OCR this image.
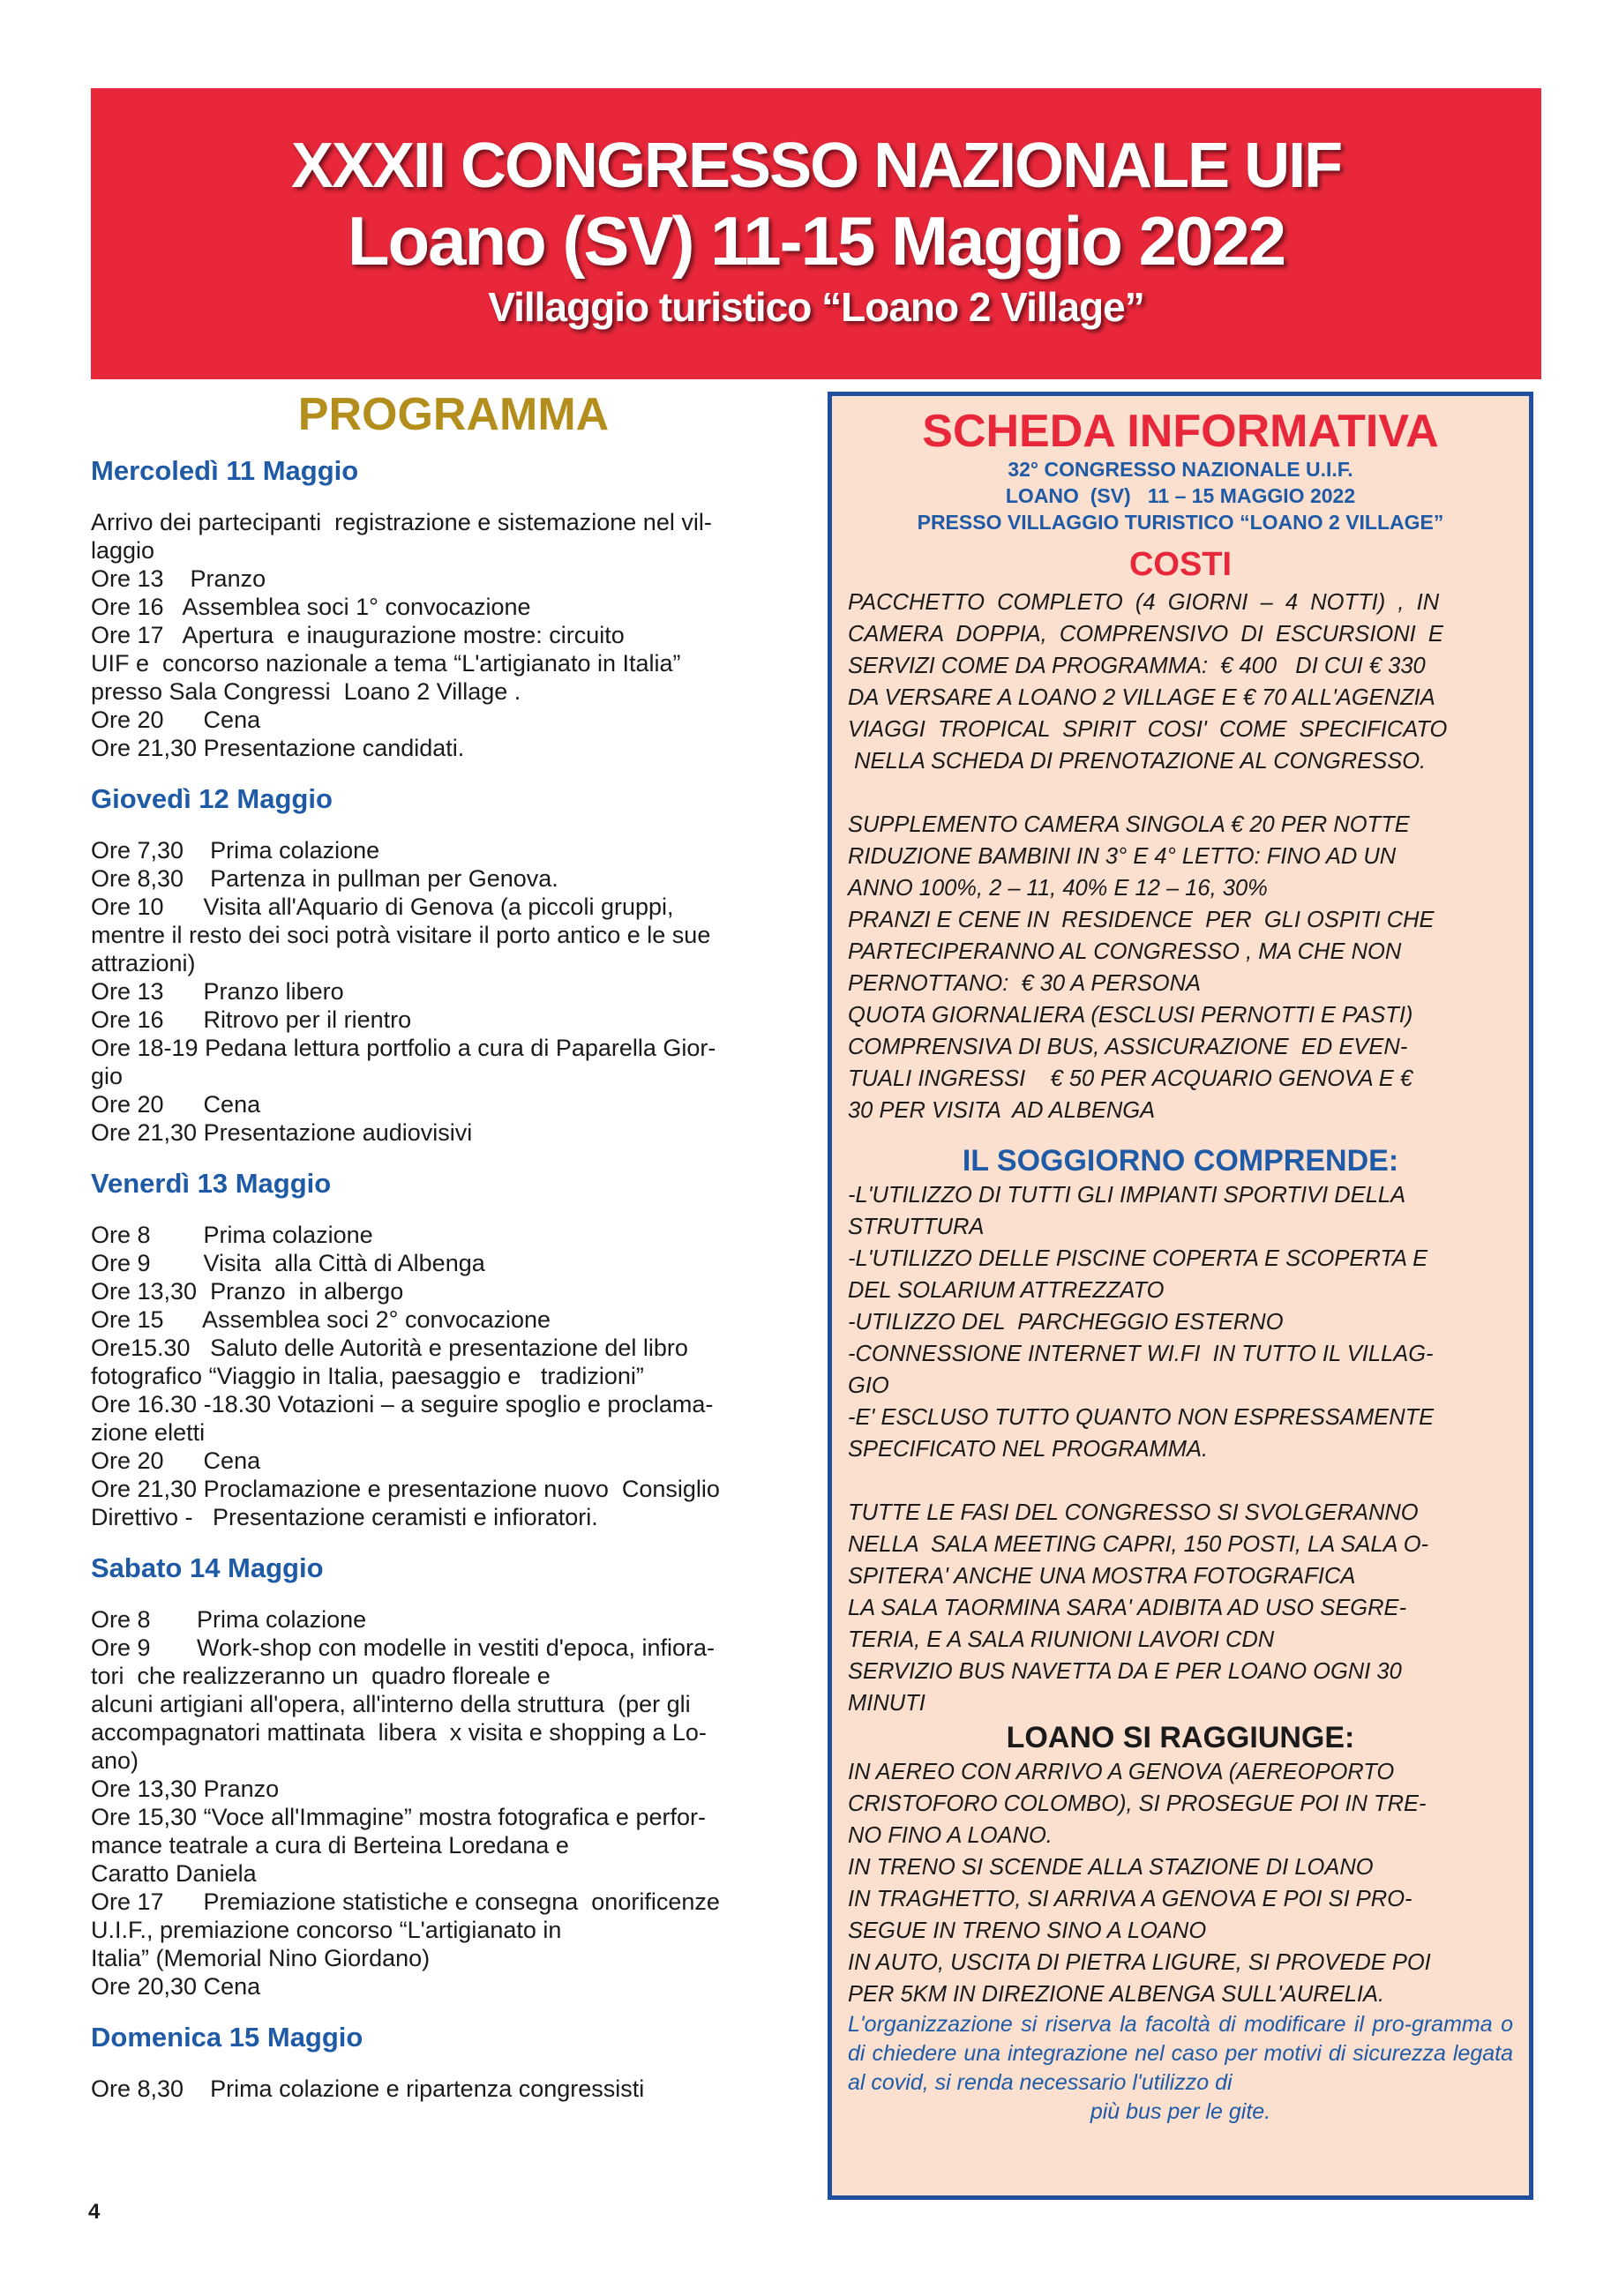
XXXII CONGRESSO NAZIONALE UIF
Loano (SV) 11-15 Maggio 2022
Villaggio turistico “Loano 2 Village”
PROGRAMMA
Mercoledì 11 Maggio
Arrivo dei partecipanti  registrazione e sistemazione nel vil-
laggio
Ore 13    Pranzo
Ore 16   Assemblea soci 1° convocazione
Ore 17   Apertura  e inaugurazione mostre: circuito
UIF e  concorso nazionale a tema “L'artigianato in Italia”
presso Sala Congressi  Loano 2 Village .
Ore 20      Cena
Ore 21,30 Presentazione candidati.
Giovedì 12 Maggio
Ore 7,30    Prima colazione
Ore 8,30    Partenza in pullman per Genova.
Ore 10      Visita all'Aquario di Genova (a piccoli gruppi,
mentre il resto dei soci potrà visitare il porto antico e le sue
attrazioni)
Ore 13      Pranzo libero
Ore 16      Ritrovo per il rientro
Ore 18-19 Pedana lettura portfolio a cura di Paparella Gior-
gio
Ore 20      Cena
Ore 21,30 Presentazione audiovisivi
Venerdì 13 Maggio
Ore 8        Prima colazione
Ore 9        Visita  alla Città di Albenga
Ore 13,30  Pranzo  in albergo
Ore 15      Assemblea soci 2° convocazione
Ore15.30   Saluto delle Autorità e presentazione del libro
fotografico “Viaggio in Italia, paesaggio e   tradizioni”
Ore 16.30 -18.30 Votazioni – a seguire spoglio e proclama-
zione eletti
Ore 20      Cena
Ore 21,30 Proclamazione e presentazione nuovo  Consiglio
Direttivo -   Presentazione ceramisti e infioratori.
Sabato 14 Maggio
Ore 8       Prima colazione
Ore 9       Work-shop con modelle in vestiti d'epoca, infiora-
tori  che realizzeranno un  quadro floreale e
alcuni artigiani all'opera, all'interno della struttura  (per gli
accompagnatori mattinata  libera  x visita e shopping a Lo-
ano)
Ore 13,30 Pranzo
Ore 15,30 “Voce all'Immagine” mostra fotografica e perfor-
mance teatrale a cura di Berteina Loredana e
Caratto Daniela
Ore 17      Premiazione statistiche e consegna  onorificenze
U.I.F., premiazione concorso “L'artigianato in
Italia” (Memorial Nino Giordano)
Ore 20,30 Cena
Domenica 15 Maggio
Ore 8,30    Prima colazione e ripartenza congressisti
SCHEDA INFORMATIVA
32° CONGRESSO NAZIONALE U.I.F.
LOANO  (SV)   11 – 15 MAGGIO 2022
PRESSO VILLAGGIO TURISTICO “LOANO 2 VILLAGE”
COSTI
PACCHETTO  COMPLETO  (4  GIORNI  –  4  NOTTI)  ,  IN
CAMERA  DOPPIA,  COMPRENSIVO  DI  ESCURSIONI  E
SERVIZI COME DA PROGRAMMA:  € 400   DI CUI € 330
DA VERSARE A LOANO 2 VILLAGE E € 70 ALL'AGENZIA
VIAGGI  TROPICAL  SPIRIT  COSI'  COME  SPECIFICATO
NELLA SCHEDA DI PRENOTAZIONE AL CONGRESSO.
SUPPLEMENTO CAMERA SINGOLA € 20 PER NOTTE
RIDUZIONE BAMBINI IN 3° E 4° LETTO: FINO AD UN
ANNO 100%, 2 – 11, 40% E 12 – 16, 30%
PRANZI E CENE IN  RESIDENCE  PER  GLI OSPITI CHE
PARTECIPERANNO AL CONGRESSO , MA CHE NON
PERNOTTANO:  € 30 A PERSONA
QUOTA GIORNALIERA (ESCLUSI PERNOTTI E PASTI)
COMPRENSIVA DI BUS, ASSICURAZIONE  ED EVEN-
TUALI INGRESSI    € 50 PER ACQUARIO GENOVA E €
30 PER VISITA  AD ALBENGA
IL SOGGIORNO COMPRENDE:
-L'UTILIZZO DI TUTTI GLI IMPIANTI SPORTIVI DELLA
STRUTTURA
-L'UTILIZZO DELLE PISCINE COPERTA E SCOPERTA E
DEL SOLARIUM ATTREZZATO
-UTILIZZO DEL  PARCHEGGIO ESTERNO
-CONNESSIONE INTERNET WI.FI  IN TUTTO IL VILLAG-
GIO
-E' ESCLUSO TUTTO QUANTO NON ESPRESSAMENTE
SPECIFICATO NEL PROGRAMMA.
TUTTE LE FASI DEL CONGRESSO SI SVOLGERANNO
NELLA  SALA MEETING CAPRI, 150 POSTI, LA SALA O-
SPITERA' ANCHE UNA MOSTRA FOTOGRAFICA
LA SALA TAORMINA SARA' ADIBITA AD USO SEGRE-
TERIA, E A SALA RIUNIONI LAVORI CDN
SERVIZIO BUS NAVETTA DA E PER LOANO OGNI 30
MINUTI
LOANO SI RAGGIUNGE:
IN AEREO CON ARRIVO A GENOVA (AEREOPORTO
CRISTOFORO COLOMBO), SI PROSEGUE POI IN TRE-
NO FINO A LOANO.
IN TRENO SI SCENDE ALLA STAZIONE DI LOANO
IN TRAGHETTO, SI ARRIVA A GENOVA E POI SI PRO-
SEGUE IN TRENO SINO A LOANO
IN AUTO, USCITA DI PIETRA LIGURE, SI PROVEDE POI
PER 5KM IN DIREZIONE ALBENGA SULL'AURELIA.
L'organizzazione si riserva la facoltà di modificare il pro-gramma o di chiedere una integrazione nel caso per motivi di sicurezza legata al covid, si renda necessario l'utilizzo di
più bus per le gite.
4
